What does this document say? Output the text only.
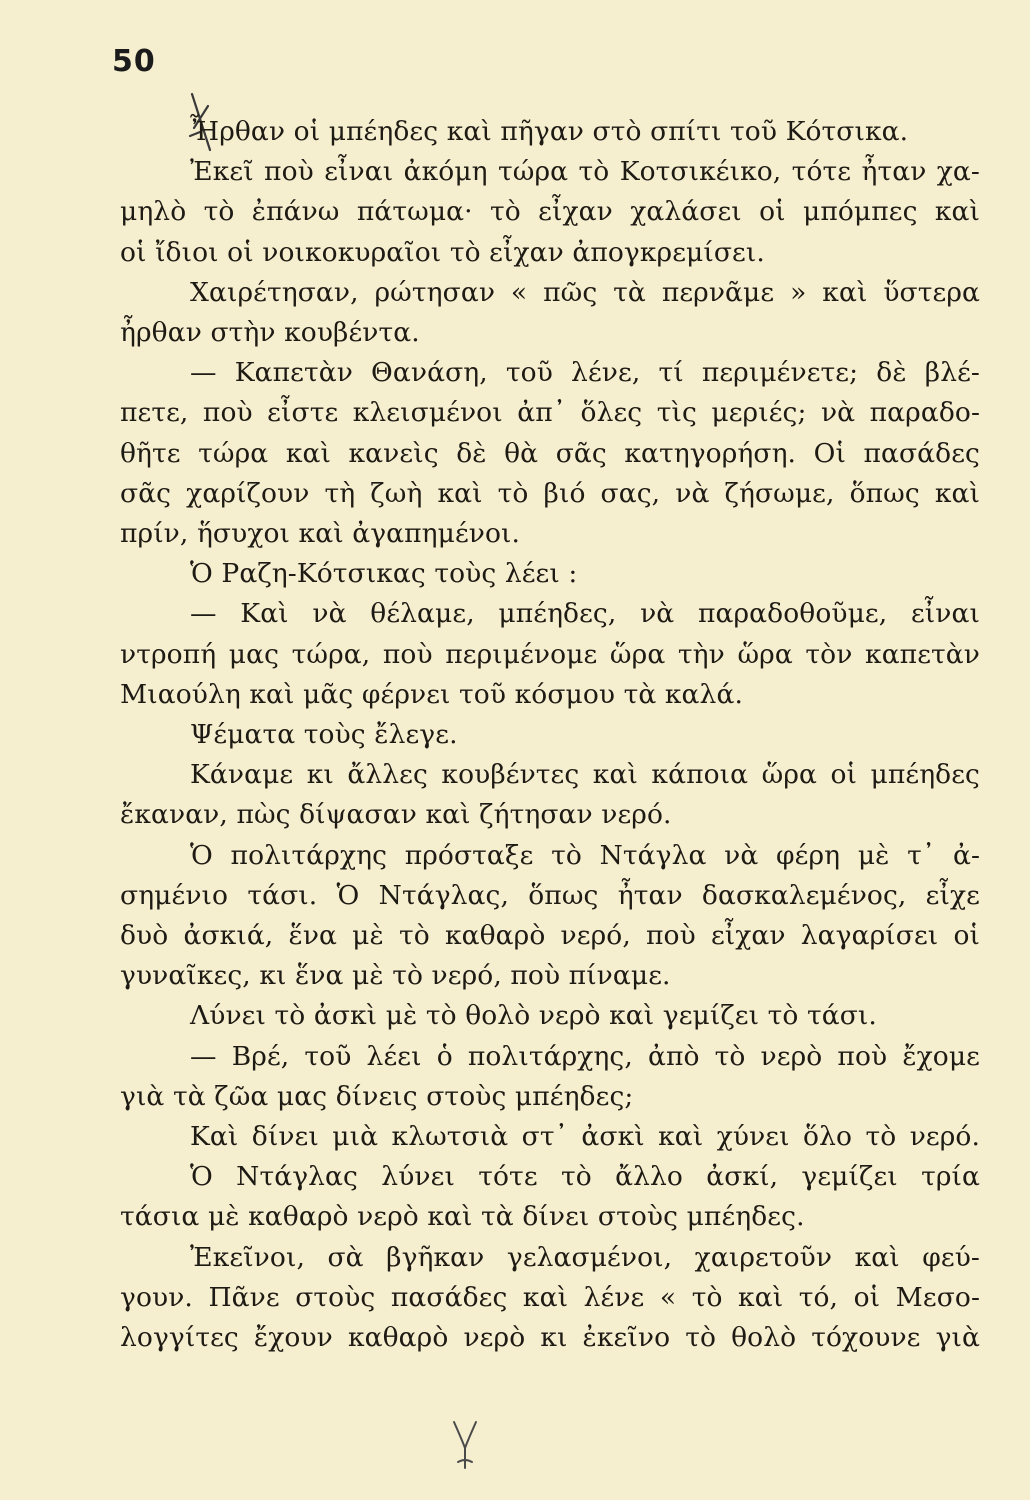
50
Ἦρθαν οἱ μπέηδες καὶ πῆγαν στὸ σπίτι τοῦ Κότσικα.
Ἐκεῖ ποὺ εἶναι ἀκόμη τώρα τὸ Κοτσικέικο, τότε ἦταν χα-
μηλὸ τὸ ἐπάνω πάτωμα· τὸ εἶχαν χαλάσει οἱ μπόμπες καὶ
οἱ ἴδιοι οἱ νοικοκυραῖοι τὸ εἶχαν ἀπογκρεμίσει.
Χαιρέτησαν, ρώτησαν « πῶς τὰ περνᾶμε » καὶ ὕστερα
ἦρθαν στὴν κουβέντα.
— Καπετὰν Θανάση, τοῦ λένε, τί περιμένετε; δὲ βλέ-
πετε, ποὺ εἶστε κλεισμένοι ἀπ᾿ ὅλες τὶς μεριές; νὰ παραδο-
θῆτε τώρα καὶ κανεὶς δὲ θὰ σᾶς κατηγορήση. Οἱ πασάδες
σᾶς χαρίζουν τὴ ζωὴ καὶ τὸ βιό σας, νὰ ζήσωμε, ὅπως καὶ
πρίν, ἥσυχοι καὶ ἀγαπημένοι.
Ὁ Ραζη-Κότσικας τοὺς λέει :
— Καὶ νὰ θέλαμε, μπέηδες, νὰ παραδοθοῦμε, εἶναι
ντροπή μας τώρα, ποὺ περιμένομε ὥρα τὴν ὥρα τὸν καπετὰν
Μιαούλη καὶ μᾶς φέρνει τοῦ κόσμου τὰ καλά.
Ψέματα τοὺς ἔλεγε.
Κάναμε κι ἄλλες κουβέντες καὶ κάποια ὥρα οἱ μπέηδες
ἔκαναν, πὼς δίψασαν καὶ ζήτησαν νερό.
Ὁ πολιτάρχης πρόσταξε τὸ Ντάγλα νὰ φέρη μὲ τ᾿ ἀ-
σημένιο τάσι. Ὁ Ντάγλας, ὅπως ἦταν δασκαλεμένος, εἶχε
δυὸ ἀσκιά, ἕνα μὲ τὸ καθαρὸ νερό, ποὺ εἶχαν λαγαρίσει οἱ
γυναῖκες, κι ἕνα μὲ τὸ νερό, ποὺ πίναμε.
Λύνει τὸ ἀσκὶ μὲ τὸ θολὸ νερὸ καὶ γεμίζει τὸ τάσι.
— Βρέ, τοῦ λέει ὁ πολιτάρχης, ἀπὸ τὸ νερὸ ποὺ ἔχομε
γιὰ τὰ ζῶα μας δίνεις στοὺς μπέηδες;
Καὶ δίνει μιὰ κλωτσιὰ στ᾿ ἀσκὶ καὶ χύνει ὅλο τὸ νερό.
Ὁ Ντάγλας λύνει τότε τὸ ἄλλο ἀσκί, γεμίζει τρία
τάσια μὲ καθαρὸ νερὸ καὶ τὰ δίνει στοὺς μπέηδες.
Ἐκεῖνοι, σὰ βγῆκαν γελασμένοι, χαιρετοῦν καὶ φεύ-
γουν. Πᾶνε στοὺς πασάδες καὶ λένε « τὸ καὶ τό, οἱ Μεσο-
λογγίτες ἔχουν καθαρὸ νερὸ κι ἐκεῖνο τὸ θολὸ τόχουνε γιὰ
